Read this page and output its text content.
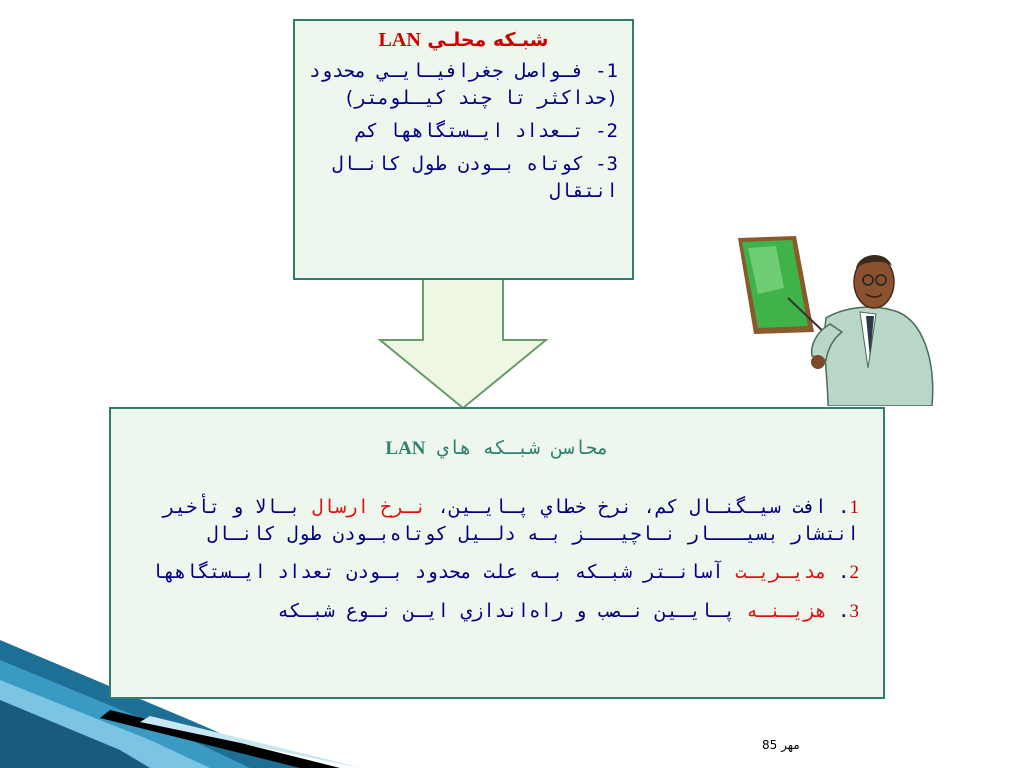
شبـكه محلـي LAN
1- فـواصل جغرافيـايـي محدود (حداكثر تا چند كيـلومتر)
2- تـعداد ايـستگاهها كم
3- كوتاه بـودن طول كانـال انتقال
محاسن شبـكه هاي LAN
1. افت سيـگنـال كم، نرخ خطاي پـايـين، نـرخ ارسال بـالا و تأخير انتشار بسيـــار نـاچيـــز بـه دلـيل كوتاه‌بـودن طول كانـال
2. مديـريـت آسانـتر شبـكه بـه علت محدود بـودن تعداد ايـستگاهها
3. هزيـنـه پـايـين نـصب و راه‌اندازي ايـن نـوع شبـكه
مهر 85
